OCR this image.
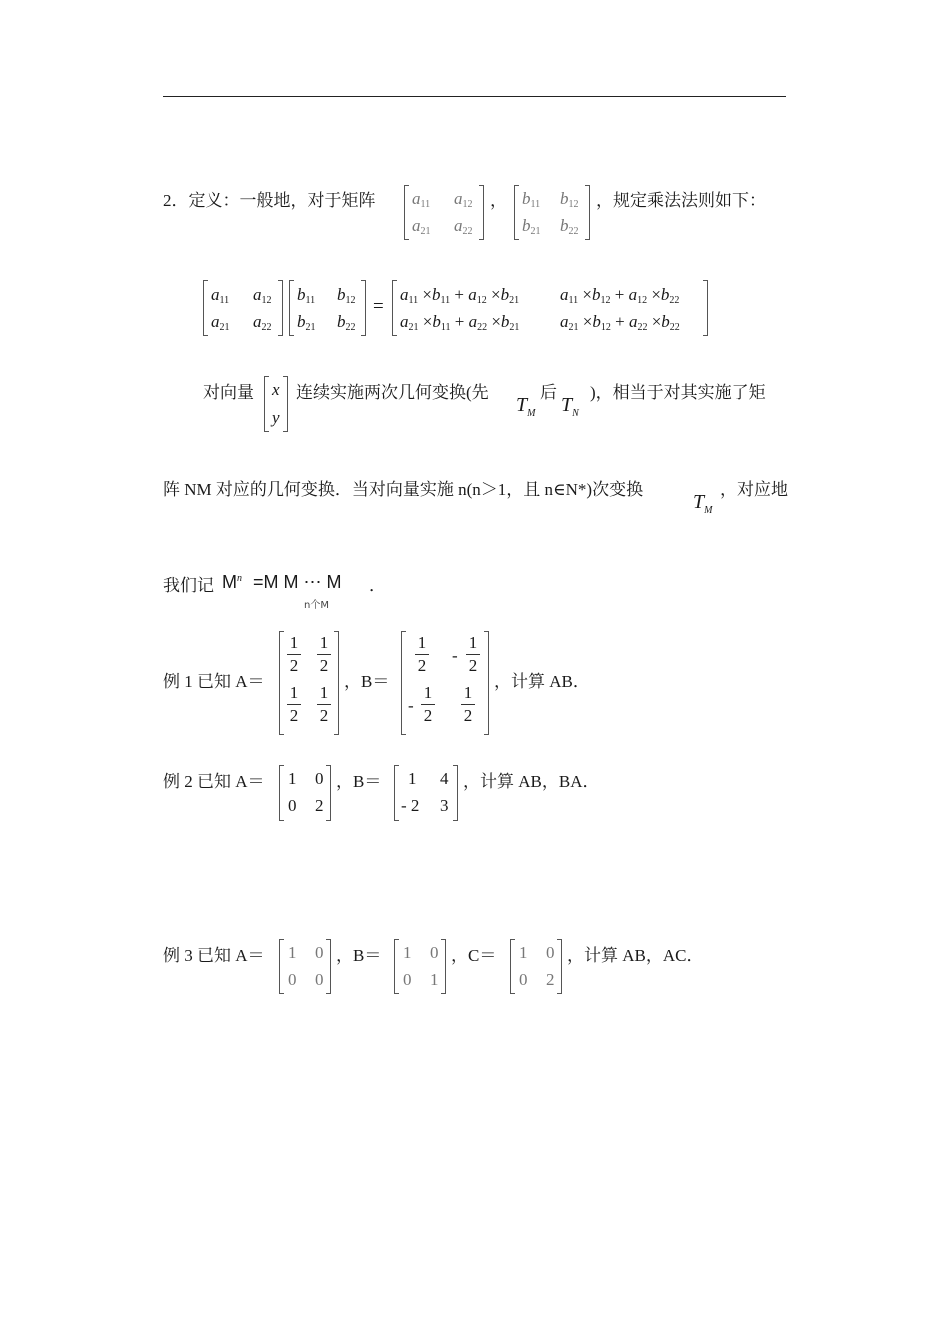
2．定义：一般地，对于矩阵 $a_{11}$ $a_{12}$
$a_{21}$ $a_{22}$
， $b_{11}$ $b_{12}$
$b_{21}$ $b_{22}$
，规定乘法法则如下：
$a_{11}$ $a_{12}$
$a_{21}$ $a_{22}$
$b_{11}$ $b_{12}$
$b_{21}$ $b_{22}$
=
$a_{11} \times b_{11} + a_{12} \times b_{21}$ $a_{11} \times b_{12} + a_{12} \times b_{22}$
$a_{21} \times b_{11} + a_{22} \times b_{21}$ $a_{21} \times b_{12} + a_{22} \times b_{22}$
对向量 x
y
连续实施两次几何变换(先
$T_M$
后
$T_N$
)，相当于对其实施了矩
阵 NM 对应的几何变换．当对向量实施 n(n＞1，且 n∈N*)次变换
$T_M$
，对应地
我们记 $M^n =M$ M ⋯ M
n个M
．
例 1 已知 A＝
1
2
1
2
1
2
1
2
，B＝
1
2
-
1
2
-
1
2
1
2
，计算 AB．
例 2 已知 A＝ 1 0
0 2
，B＝ 1 4
- 2 3
，计算 AB，BA．
例 3 已知 A＝ 1 0
0 0
，B＝ 1 0
0 1
，C＝ 1 0
0 2
，计算 AB，AC．
